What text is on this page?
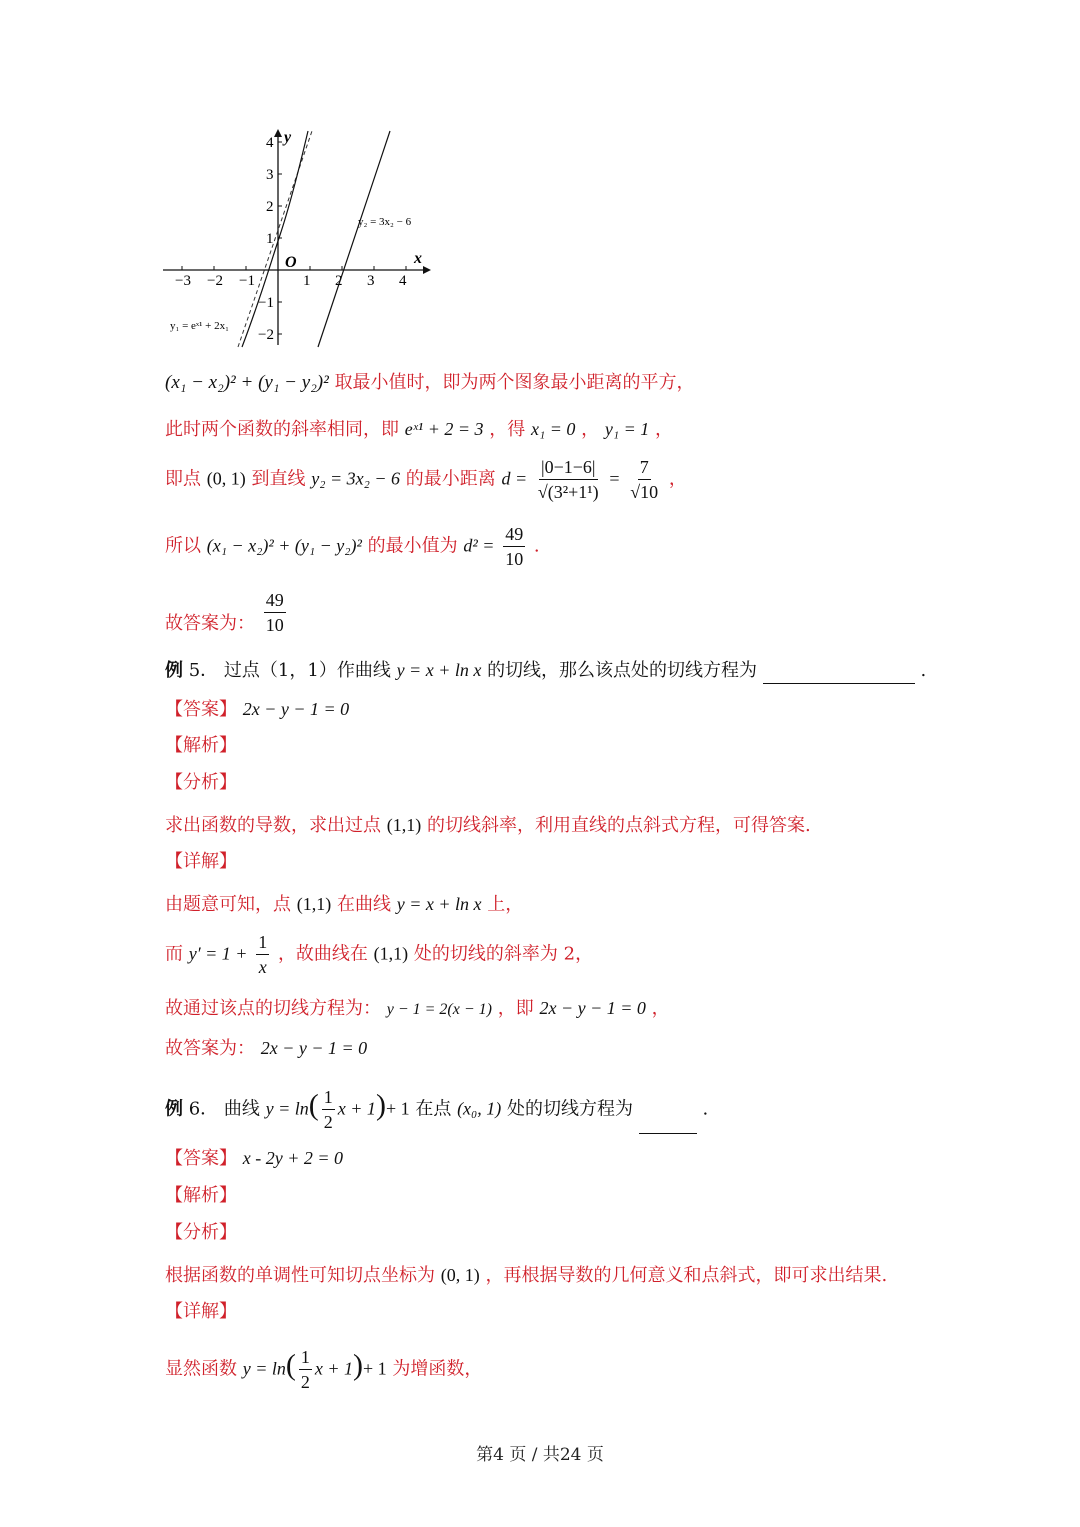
y
x
O
−3 −2 −1	1 2 3 4
4
3
2
1
−1
−2
y₂ = 3x₂ − 6
y₁ = eˣ¹ + 2x₁
(x₁ − x₂)² + (y₁ − y₂)² 取最小值时，即为两个图象最小距离的平方，
此时两个函数的斜率相同，即 eˣ¹ + 2 = 3 ，得 x₁ = 0 ， y₁ = 1 ，
即点 (0, 1) 到直线 y₂ = 3x₂ − 6 的最小距离 $d = \frac{|0-1-6|}{\text{√(3²+1¹)}} = \frac{7}{√10}$ ，
所以 (x₁ − x₂)² + (y₁ − y₂)² 的最小值为 $d^2 = \frac{49}{10}$ .
故答案为： $\frac{49}{10}$
例 5． 过点（1，1）作曲线 y = x + ln x 的切线，那么该点处的切线方程为	.
【答案】 2x − y − 1 = 0
【解析】
【分析】
求出函数的导数，求出过点 (1,1) 的切线斜率，利用直线的点斜式方程，可得答案.
【详解】
由题意可知，点 (1,1) 在曲线 y = x + ln x 上，
而 $y' = 1 + \frac{1}{x}$ ，故曲线在 (1,1) 处的切线的斜率为 2，
故通过该点的切线方程为： y − 1 = 2(x − 1) ，即 2x − y − 1 = 0 ，
故答案为： 2x − y − 1 = 0
例 6． 曲线 $y = \ln( \frac{1}{2}$ x + 1)+ 1 在点 (x₀, 1) 处的切线方程为	.
【答案】 x - 2y + 2 = 0
【解析】
【分析】
根据函数的单调性可知切点坐标为 (0, 1) ，再根据导数的几何意义和点斜式，即可求出结果.
【详解】
显然函数 $y = \ln( \frac{1}{2}$ x + 1)+ 1 为增函数，
第4 页 / 共24 页
